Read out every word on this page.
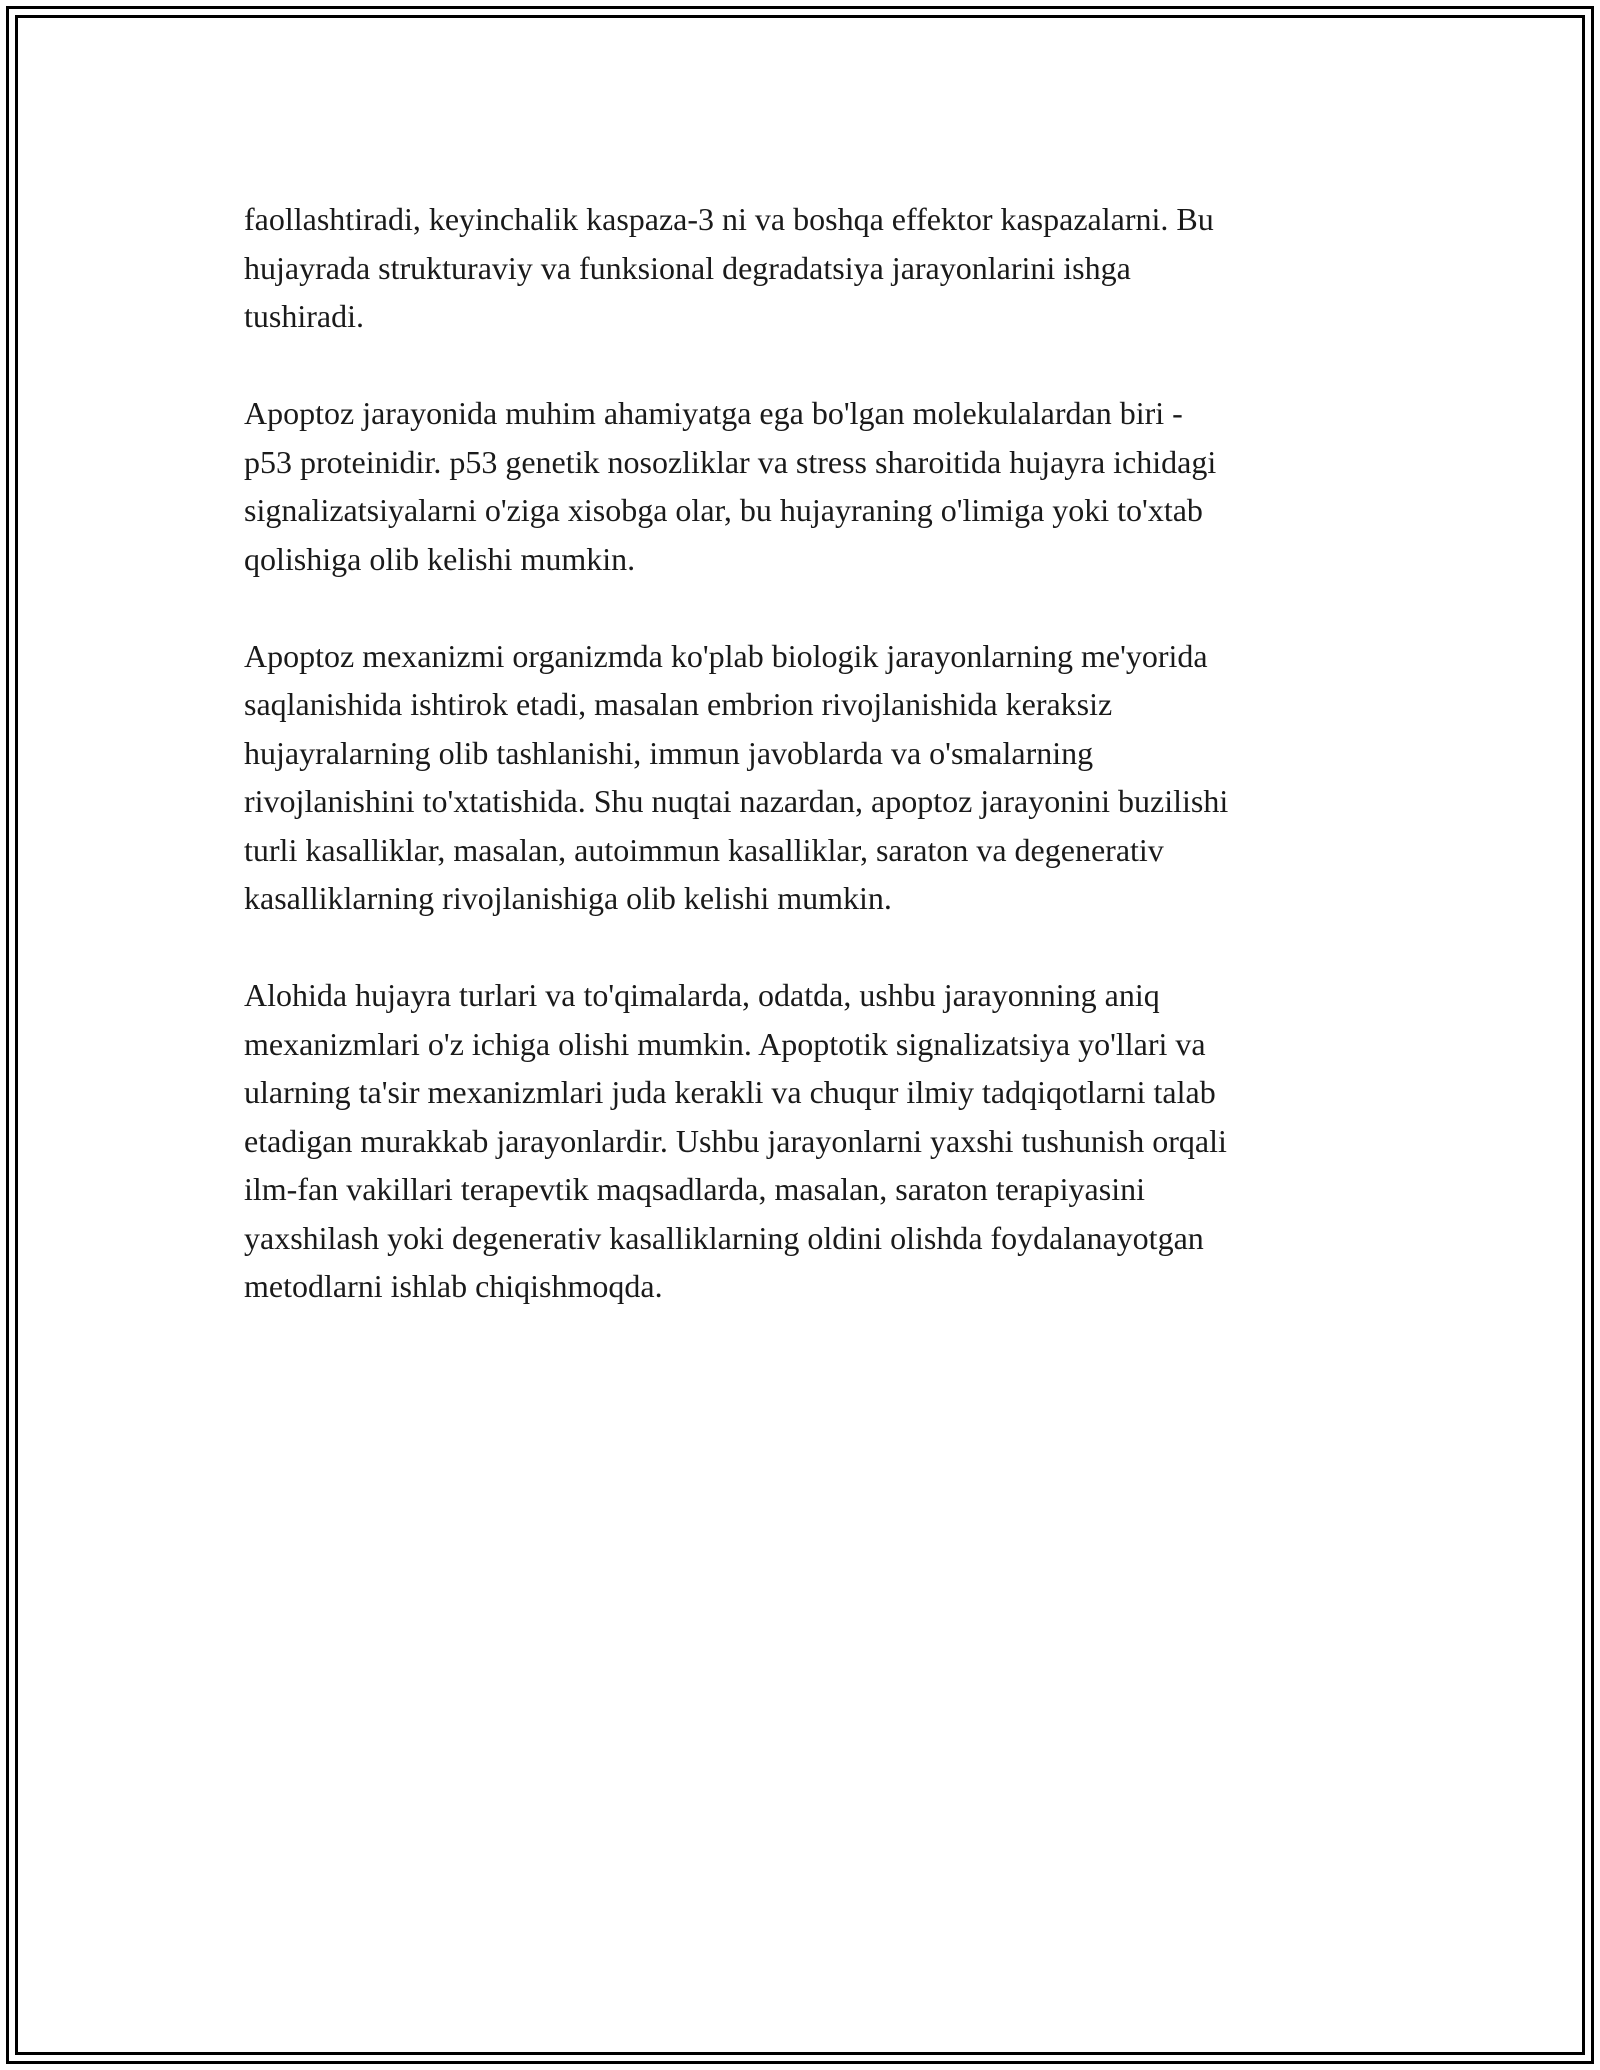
faollashtiradi, keyinchalik kaspaza-3 ni va boshqa effektor kaspazalarni. Bu
hujayrada strukturaviy va funksional degradatsiya jarayonlarini ishga
tushiradi.

Apoptoz jarayonida muhim ahamiyatga ega bo'lgan molekulalardan biri -
p53 proteinidir. p53 genetik nosozliklar va stress sharoitida hujayra ichidagi
signalizatsiyalarni o'ziga xisobga olar, bu hujayraning o'limiga yoki to'xtab
qolishiga olib kelishi mumkin.

Apoptoz mexanizmi organizmda ko'plab biologik jarayonlarning me'yorida
saqlanishida ishtirok etadi, masalan embrion rivojlanishida keraksiz
hujayralarning olib tashlanishi, immun javoblarda va o'smalarning
rivojlanishini to'xtatishida. Shu nuqtai nazardan, apoptoz jarayonini buzilishi
turli kasalliklar, masalan, autoimmun kasalliklar, saraton va degenerativ
kasalliklarning rivojlanishiga olib kelishi mumkin.

Alohida hujayra turlari va to'qimalarda, odatda, ushbu jarayonning aniq
mexanizmlari o'z ichiga olishi mumkin. Apoptotik signalizatsiya yo'llari va
ularning ta'sir mexanizmlari juda kerakli va chuqur ilmiy tadqiqotlarni talab
etadigan murakkab jarayonlardir. Ushbu jarayonlarni yaxshi tushunish orqali
ilm-fan vakillari terapevtik maqsadlarda, masalan, saraton terapiyasini
yaxshilash yoki degenerativ kasalliklarning oldini olishda foydalanayotgan
metodlarni ishlab chiqishmoqda.
